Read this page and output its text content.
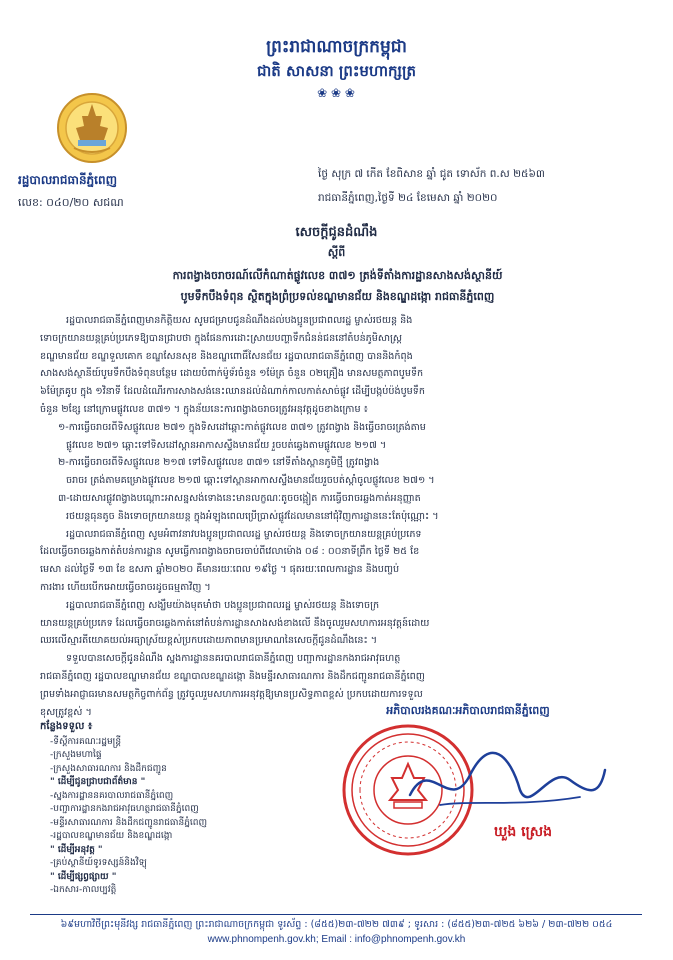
ព្រះរាជាណាចក្រកម្ពុជា
ជាតិ សាសនា ព្រះមហាក្សត្រ
❀ ❀ ❀
រដ្ឋបាលរាជធានីភ្នំពេញ
លេខ: ០៤០/២០ សជណ
ថ្ងៃ សុក្រ ៧ កើត ខែពិសាខ ឆ្នាំ ជូត ទោស័ក ព.ស ២៥៦៣
រាជធានីភ្នំពេញ,ថ្ងៃទី ២៤ ខែមេសា ឆ្នាំ ២០២០
សេចក្ដីជូនដំណឹង
ស្ដីពី
ការពង្វាងចរាចរណ៍លើកំណាត់ផ្លូវលេខ ៣៧១ ត្រង់ទីតាំងការដ្ឋានសាងសង់ស្ថានីយ៍
បូមទឹកបឹងទំពុន ស្ថិតក្នុងព្រំប្រទល់ខណ្ឌមានជ័យ និងខណ្ឌដង្កោ រាជធានីភ្នំពេញ

រដ្ឋបាលរាជធានីភ្នំពេញមានកិត្តិយស សូមជម្រាបជូនដំណឹងដល់បងប្អូនប្រជាពលរដ្ឋ ម្ចាស់រថយន្ត និង

ទោចក្រយានយន្តគ្រប់ប្រភេទឱ្យបានជ្រាបថា ក្នុងផែនការដោះស្រាយបញ្ហាទឹកជំនន់ជននៅតំបន់ភូមិសាស្ត្រ

ខណ្ឌមានជ័យ ខណ្ឌទួលគោក ខណ្ឌសែនសុខ និងខណ្ឌពោធិ៍សែនជ័យ រដ្ឋបាលរាជធានីភ្នំពេញ បាននិងកំពុង

សាងសង់ស្ថានីយ៍បូមទឹកបឹងទំពុនបន្ថែម ដោយបំពាក់ម៉ូទ័រចំនួន ១ម៉ែត្រ ចំនួន ០២គ្រឿង មានសមត្ថភាពបូមទឹក

៦ម៉ែត្រគូប ក្នុង ១វិនាទី ដែលដំណើរការសាងសង់នេះឈានដល់ដំណាក់កាលកាត់សាច់ផ្លូវ ដើម្បីបង្កប់ប៉ង់បូមទឹក

ចំនួន ២ខ្សែ នៅក្រោមផ្លូវលេខ ៣៧១ ។ ក្នុងន័យនេះការពង្វាងចរាចរត្រូវអនុវត្តដូចខាងក្រោម ៖

១-ការធ្វើចរាចរពីទិសផ្លូវលេខ ២៧១ ក្នុងទិសដៅឆ្ពោះកាត់ផ្លូវលេខ ៣៧១ ត្រូវពង្វាង និងធ្វើចរាចរត្រង់តាម

ផ្លូវលេខ ២៧១ ឆ្ពោះទៅទិសដៅស្ពានអាកាសស្ទឹងមានជ័យ រួចបត់ឆ្វេងតាមផ្លូវលេខ ២១៧ ។

២-ការធ្វើចរាចរពីទិសផ្លូវលេខ ២១៧ ទៅទិសផ្លូវលេខ ៣៧១ នៅទីតាំងស្ពានភូមិថ្មី ត្រូវពង្វាង

ចរាចរ ត្រង់តាមគម្រោងផ្លូវលេខ ២១៧ ឆ្ពោះទៅស្ពានអាកាសស្ទឹងមានជ័យរួចបត់ស្ដាំចូលផ្លូវលេខ ២៧១ ។

៣-ដោយសារផ្លូវពង្វាងបណ្ដោះអាសន្នសង់ទោងនេះមានលក្ខណៈតូចចង្អៀត ការធ្វើចរាចរឆ្លងកាត់អនុញ្ញាត

រថយន្តធុនតូច និងទោចក្រយានយន្ត ក្នុងអំឡុងពេលប្រើប្រាស់ផ្លូវដែលមាននៅជុំវិញការដ្ឋាននេះតែប៉ុណ្ណោះ ។

រដ្ឋបាលរាជធានីភ្នំពេញ សូមអំពាវនាវបងប្អូនប្រជាពលរដ្ឋ ម្ចាស់រថយន្ត និងទោចក្រយានយន្តគ្រប់ប្រភេទ

ដែលធ្វើចរាចរឆ្លងកាត់តំបន់ការដ្ឋាន សូមធ្វើការពង្វាងចរាចរចាប់ពីវេលាម៉ោង ០៨ : ០០នាទីព្រឹក ថ្ងៃទី ២៥ ខែ

មេសា ដល់ថ្ងៃទី ១៣ ខែ ឧសភា ឆ្នាំ២០២០ គឺមានរយៈពេល ១៩ថ្ងៃ ។ ផុតរយៈពេលការដ្ឋាន និងបញ្ចប់

ការងារ ហើយបើកអោយធ្វើចរាចរដូចធម្មតាវិញ ។

រដ្ឋបាលរាជធានីភ្នំពេញ សង្ឃឹមយ៉ាងមុតមាំថា បងប្អូនប្រជាពលរដ្ឋ ម្ចាស់រថយន្ត និងទោចក្រ

យានយន្តគ្រប់ប្រភេទ ដែលធ្វើចរាចរឆ្លងកាត់នៅតំបន់ការដ្ឋានសាងសង់ខាងលើ នឹងចូលរួមសហការអនុវត្តន៍ដោយ

ឈរលើស្មារតីយោគយល់អធ្យាស្រ័យខ្ពស់ប្រកបដោយភាពមានប្រមាណនៃសេចក្ដីជូនដំណឹងនេះ ។

ទទួលបានសេចក្ដីជូនដំណឹង ស្នងការដ្ឋាននគរបាលរាជធានីភ្នំពេញ បញ្ជាការដ្ឋានកងរាជអាវុធហត្ថ

រាជធានីភ្នំពេញ រដ្ឋបាលខណ្ឌមានជ័យ ខណ្ឌបាលខណ្ឌដង្កោ និងមន្ទីរសាធារណការ និងដឹកជញ្ជូនរាជធានីភ្នំពេញ

ព្រមទាំងអាជ្ញាធរមានសមត្ថកិច្ចពាក់ព័ន្ធ ត្រូវចូលរួមសហការអនុវត្តឱ្យមានប្រសិទ្ធភាពខ្ពស់ ប្រកបដោយការទទួល

ខុសត្រូវខ្ពស់ ។

កន្លែងទទួល ៖
-ទីស្ដីការគណៈរដ្ឋមន្ត្រី
-ក្រសួងមហាផ្ទៃ
-ក្រសួងសាធារណការ និងដឹកជញ្ជូន
" ដើម្បីជូនជ្រាបជាព័ត៌មាន "
-ស្នងការដ្ឋាននគរបាលរាជធានីភ្នំពេញ
-បញ្ជាការដ្ឋានកងរាជអាវុធហត្ថរាជធានីភ្នំពេញ
-មន្ទីរសាធារណការ និងដឹកជញ្ជូនរាជធានីភ្នំពេញ
-រដ្ឋបាលខណ្ឌមានជ័យ និងខណ្ឌដង្កោ
" ដើម្បីអនុវត្ត "
-គ្រប់ស្ថានីយ៍ទូរទស្សន៍និងវិទ្យុ
" ដើម្បីផ្សព្វផ្សាយ "
-ឯកសារ-កាលប្បវត្តិ
អភិបាលរងគណៈអភិបាលរាជធានីភ្នំពេញ
ឃួង ស្រេង
៦៩មហាវិថីព្រះមុនីវង្ស រាជធានីភ្នំពេញ ព្រះរាជាណាចក្រកម្ពុជា ទូរស័ព្ទ : (៨៥៥)២៣-៧២២ ៧៣៩ ; ទូរសារ : (៨៥៥)២៣-៧២៥ ៦២៦ / ២៣-៧២២ ០៥៤
www.phnompenh.gov.kh; Email : info@phnompenh.gov.kh
